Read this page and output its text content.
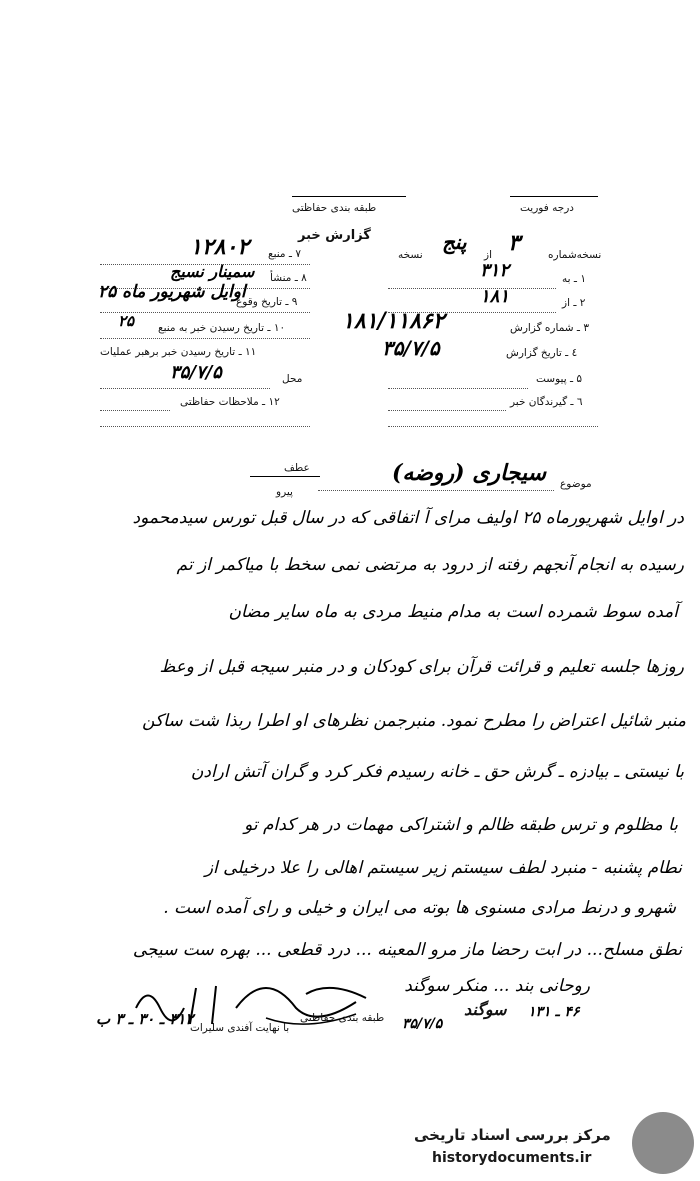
درجه فوریت
طبقه بندی حفاظتی
گزارش خبر
۷ ـ منبع
۱۲۸۰۲
۸ ـ منشأ
سمینار نسیج
۹ ـ تاریخ وقوع
اوایل شهریور ماه ۲۵
۱۰ ـ تاریخ رسیدن خبر به منبع
۲۵
۱۱ ـ تاریخ رسیدن خبر برهبر عملیات
محل
۳۵/۷/۵
۱۲ ـ ملاحظات حفاظتی
نسخه‌شماره
۳
از
پنج
نسخه
۱ ـ به
۳۱۲
۲ ـ از
۱۸۱
۳ ـ شماره گزارش
۱۸۱/۱۱۸۶۲
٤ ـ تاریخ گزارش
۳۵/۷/۵
۵ ـ پیوست
٦ ـ گیرندگان خبر
موضوع
سیجاری (روضه)
عطف
پیرو
در اوایل شهریورماه ۲۵ اولیف مرای آ اتفاقی که در سال قبل تورس سیدمحمود
رسیده به انجام آنجهم رفته از درود به مرتضی نمی سخط با میاکمر از تم
آمده سوط شمرده است به مدام منیط مردی به ماه سایر مضان
روزها جلسه تعلیم و قرائت قرآن برای کودکان و در منبر سیجه قبل از وعظ
منبر شائیل اعتراض را مطرح نمود. منبرجمن نظرهای او اطرا ربذا شت ساکن
با نیستی ـ بیادزه ـ گرش حق ـ خانه رسیدم فکر کرد و گران آتش ارادن
با مظلوم و ترس طبقه ظالم و اشتراکی مهمات در هر کدام تو
نطام پشنبه - منبرد لطف سیستم زیر سیستم اهالی را علا درخیلی از
شهرو و درنط مرادی مسنوی ها بوته می ایران و خیلی و رای آمده است .
نطق مسلح... در ابت رحضا ماز مرو المعینه ... درد قطعی ... بهره ست سیجی
روحانی بند ... منکر سوگند
سوگند
طبقه بندی حفاظتی
با نهایت آفندی سلیرات
۳۱۲ ـ ۳۰ ـ ۳ ب	۴۶ ـ ۱۳۱
۳۵/۷/۵
مرکز بررسی اسناد تاریخی
historydocuments.ir
